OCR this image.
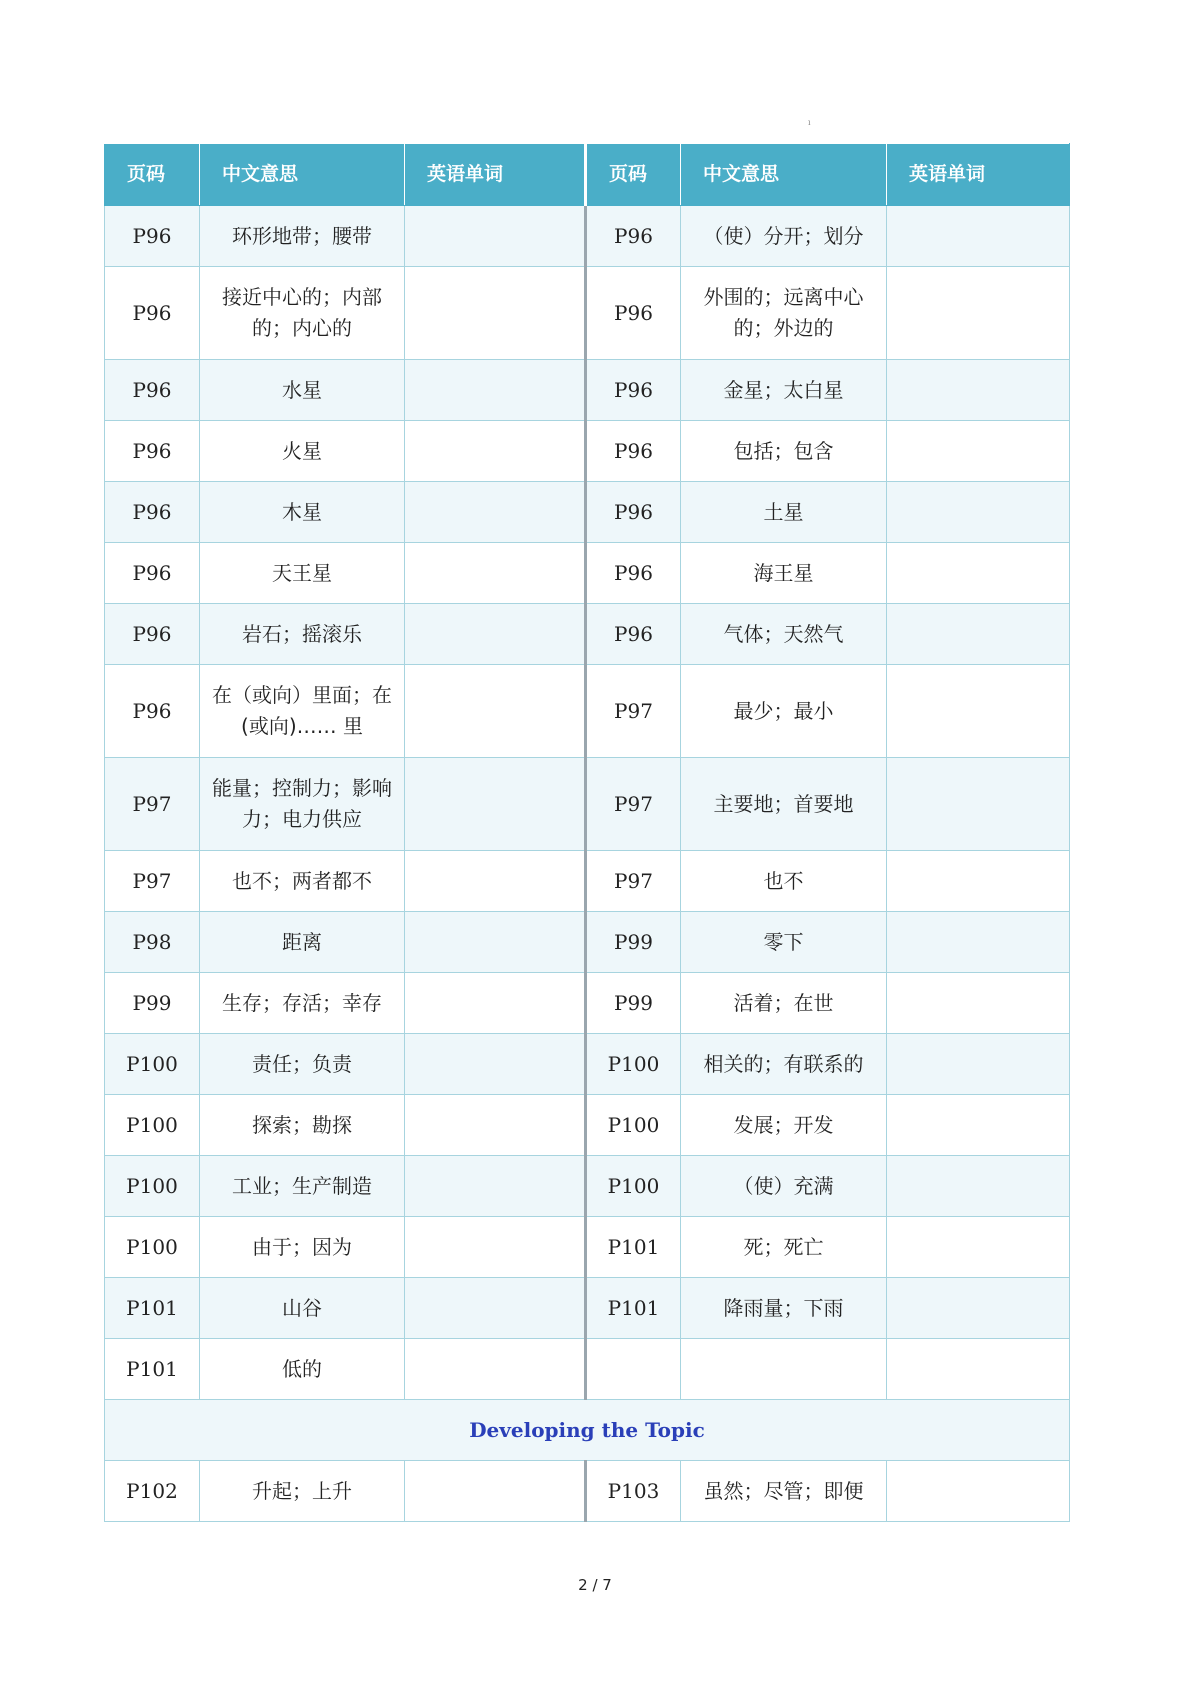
ı
页码	中文意思	英语单词	页码	中文意思	英语单词
P96	环形地带；腰带		P96	（使）分开；划分	
P96	接近中心的；内部的；内心的		P96	外围的；远离中心的；外边的	
P96	水星		P96	金星；太白星	
P96	火星		P96	包括；包含	
P96	木星		P96	土星	
P96	天王星		P96	海王星	
P96	岩石；摇滚乐		P96	气体；天然气	
P96	在（或向）里面；在(或向)…… 里		P97	最少；最小	
P97	能量；控制力；影响力；电力供应		P97	主要地；首要地	
P97	也不；两者都不		P97	也不	
P98	距离		P99	零下	
P99	生存；存活；幸存		P99	活着；在世	
P100	责任；负责		P100	相关的；有联系的	
P100	探索；勘探		P100	发展；开发	
P100	工业；生产制造		P100	（使）充满	
P100	由于；因为		P101	死；死亡	
P101	山谷		P101	降雨量；下雨	
P101	低的				
Developing the Topic					
P102	升起；上升		P103	虽然；尽管；即便	
2 / 7
